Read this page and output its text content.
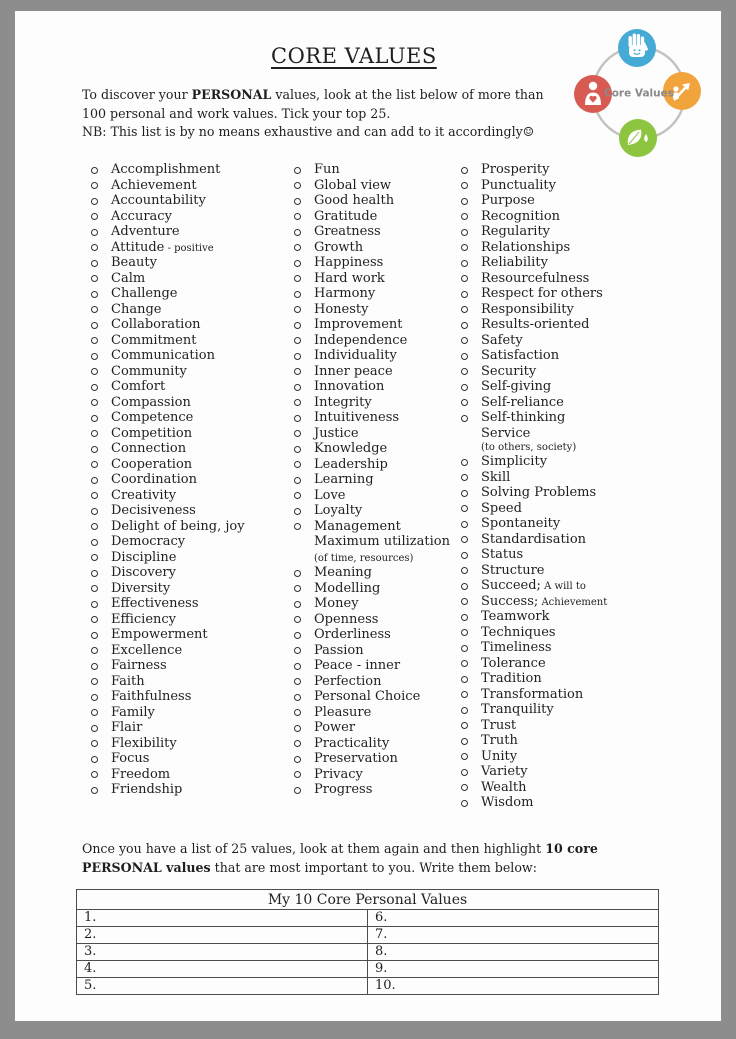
CORE VALUES
To discover your PERSONAL values, look at the list below of more than
100 personal and work values. Tick your top 25.
NB: This list is by no means exhaustive and can add to it accordingly☺
Core Values
Accomplishment
Achievement
Accountability
Accuracy
Adventure
Attitude - positive
Beauty
Calm
Challenge
Change
Collaboration
Commitment
Communication
Community
Comfort
Compassion
Competence
Competition
Connection
Cooperation
Coordination
Creativity
Decisiveness
Delight of being, joy
Democracy
Discipline
Discovery
Diversity
Effectiveness
Efficiency
Empowerment
Excellence
Fairness
Faith
Faithfulness
Family
Flair
Flexibility
Focus
Freedom
Friendship
Fun
Global view
Good health
Gratitude
Greatness
Growth
Happiness
Hard work
Harmony
Honesty
Improvement
Independence
Individuality
Inner peace
Innovation
Integrity
Intuitiveness
Justice
Knowledge
Leadership
Learning
Love
Loyalty
Management
Maximum utilization (of time, resources)
Meaning
Modelling
Money
Openness
Orderliness
Passion
Peace - inner
Perfection
Personal Choice
Pleasure
Power
Practicality
Preservation
Privacy
Progress
Prosperity
Punctuality
Purpose
Recognition
Regularity
Relationships
Reliability
Resourcefulness
Respect for others
Responsibility
Results-oriented
Safety
Satisfaction
Security
Self-giving
Self-reliance
Self-thinking
Service
(to others, society)
Simplicity
Skill
Solving Problems
Speed
Spontaneity
Standardisation
Status
Structure
Succeed; A will to
Success; Achievement
Teamwork
Techniques
Timeliness
Tolerance
Tradition
Transformation
Tranquility
Trust
Truth
Unity
Variety
Wealth
Wisdom
Once you have a list of 25 values, look at them again and then highlight 10 core
PERSONAL values that are most important to you. Write them below:
My 10 Core Personal Values	
1.	6.
2.	7.
3.	8.
4.	9.
5.	10.
